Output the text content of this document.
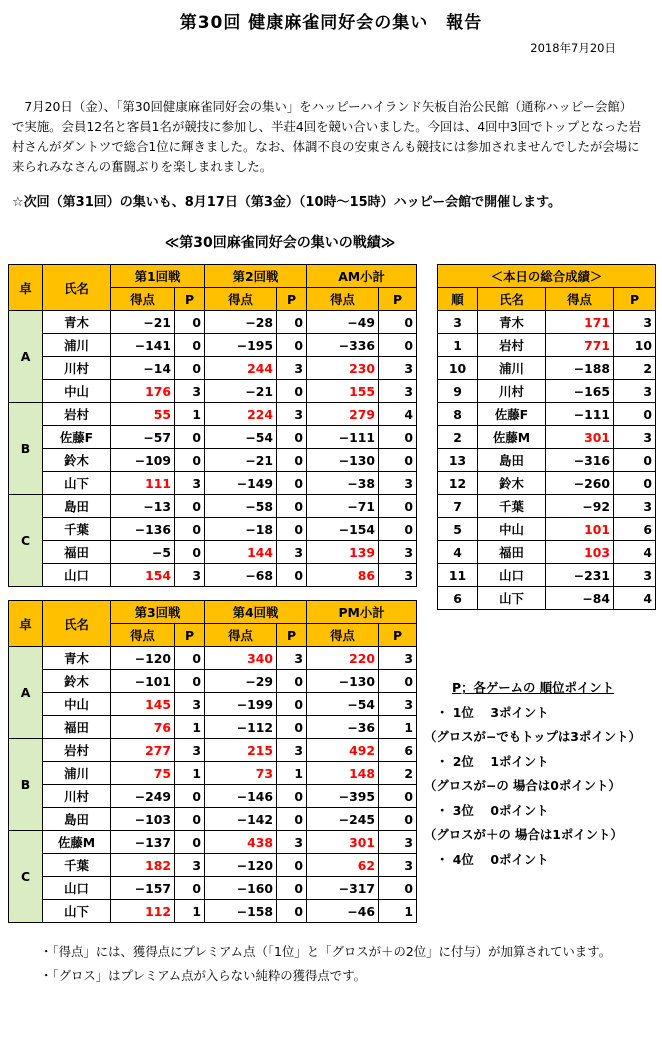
第30回 健康麻雀同好会の集い　報告
2018年7月20日
　7月20日（金）、「第30回健康麻雀同好会の集い」をハッピーハイランド矢板自治公民館（通称ハッピー会館）で実施。会員12名と客員1名が競技に参加し、半荘4回を競い合いました。今回は、4回中3回でトップとなった岩村さんがダントツで総合1位に輝きました。なお、体調不良の安東さんも競技には参加されませんでしたが会場に来られみなさんの奮闘ぶりを楽しまれました。
☆次回（第31回）の集いも、8月17日（第3金）（10時〜15時）ハッピー会館で開催します。
≪第30回麻雀同好会の集いの戦績≫
卓	氏名	第1回戦		第2回戦		AM小計	
		得点	P	得点	P	得点	P
A	青木	−21	0	−28	0	−49	0
	浦川	−141	0	−195	0	−336	0
	川村	−14	0	244	3	230	3
	中山	176	3	−21	0	155	3
B	岩村	55	1	224	3	279	4
	佐藤F	−57	0	−54	0	−111	0
	鈴木	−109	0	−21	0	−130	0
	山下	111	3	−149	0	−38	3
C	島田	−13	0	−58	0	−71	0
	千葉	−136	0	−18	0	−154	0
	福田	−5	0	144	3	139	3
	山口	154	3	−68	0	86	3
卓	氏名	第3回戦		第4回戦		PM小計	
		得点	P	得点	P	得点	P
A	青木	−120	0	340	3	220	3
	鈴木	−101	0	−29	0	−130	0
	中山	145	3	−199	0	−54	3
	福田	76	1	−112	0	−36	1
B	岩村	277	3	215	3	492	6
	浦川	75	1	73	1	148	2
	川村	−249	0	−146	0	−395	0
	島田	−103	0	−142	0	−245	0
C	佐藤M	−137	0	438	3	301	3
	千葉	182	3	−120	0	62	3
	山口	−157	0	−160	0	−317	0
	山下	112	1	−158	0	−46	1
＜本日の総合成績＞			
順	氏名	得点	P
3	青木	171	3
1	岩村	771	10
10	浦川	−188	2
9	川村	−165	3
8	佐藤F	−111	0
2	佐藤M	301	3
13	島田	−316	0
12	鈴木	−260	0
7	千葉	−92	3
5	中山	101	6
4	福田	103	4
11	山口	−231	3
6	山下	−84	4
P；各ゲームの 順位ポイント
・ 1位　 3ポイント
（グロスが−でもトップは3ポイント）
・ 2位　 1ポイント
（グロスが−の 場合は0ポイント）
・ 3位　 0ポイント
（グロスが＋の 場合は1ポイント）
・ 4位　 0ポイント
・「得点」には、獲得点にプレミアム点（「1位」と「グロスが＋の2位」に付与）が加算されています。
・「グロス」はプレミアム点が入らない純粋の獲得点です。
